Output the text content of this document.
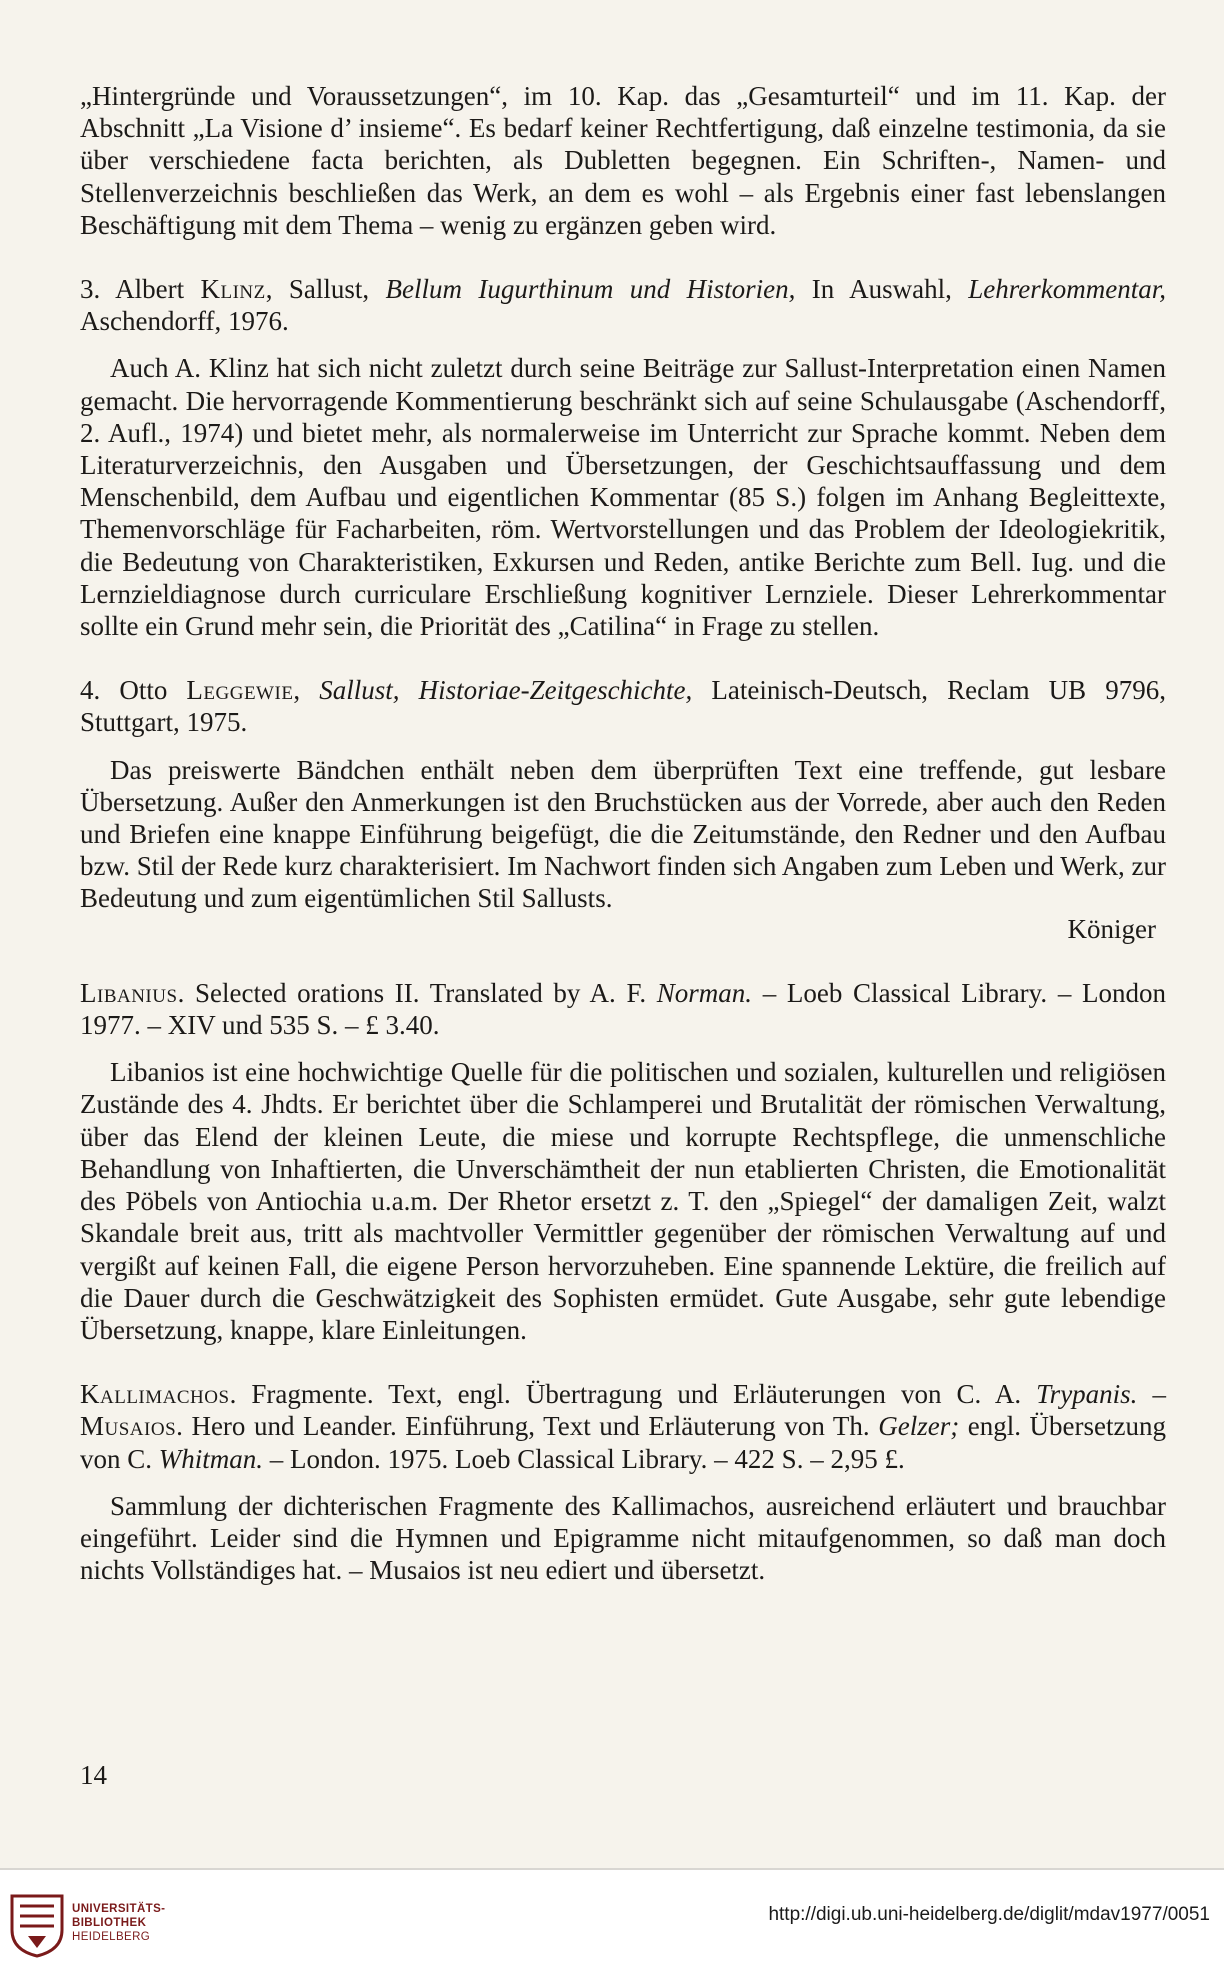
„Hintergründe und Voraussetzungen“, im 10. Kap. das „Gesamturteil“ und im 11. Kap. der Abschnitt „La Visione d’ insieme“. Es bedarf keiner Rechtfertigung, daß einzelne testimonia, da sie über verschiedene facta berichten, als Dubletten begegnen. Ein Schriften-, Namen- und Stellenverzeichnis beschließen das Werk, an dem es wohl – als Ergebnis einer fast lebenslangen Beschäftigung mit dem Thema – wenig zu ergänzen geben wird.

3. Albert Klinz, Sallust, Bellum Iugurthinum und Historien, In Auswahl, Lehrerkommentar, Aschendorff, 1976.

Auch A. Klinz hat sich nicht zuletzt durch seine Beiträge zur Sallust-Interpretation einen Namen gemacht. Die hervorragende Kommentierung beschränkt sich auf seine Schulausgabe (Aschendorff, 2. Aufl., 1974) und bietet mehr, als normalerweise im Unterricht zur Sprache kommt. Neben dem Literaturverzeichnis, den Ausgaben und Übersetzungen, der Geschichtsauffassung und dem Menschenbild, dem Aufbau und eigentlichen Kommentar (85 S.) folgen im Anhang Begleittexte, Themenvorschläge für Facharbeiten, röm. Wertvorstellungen und das Problem der Ideologiekritik, die Bedeutung von Charakteristiken, Exkursen und Reden, antike Berichte zum Bell. Iug. und die Lernzieldiagnose durch curriculare Erschließung kognitiver Lernziele. Dieser Lehrerkommentar sollte ein Grund mehr sein, die Priorität des „Catilina“ in Frage zu stellen.

4. Otto Leggewie, Sallust, Historiae-Zeitgeschichte, Lateinisch-Deutsch, Reclam UB 9796, Stuttgart, 1975.

Das preiswerte Bändchen enthält neben dem überprüften Text eine treffende, gut lesbare Übersetzung. Außer den Anmerkungen ist den Bruchstücken aus der Vorrede, aber auch den Reden und Briefen eine knappe Einführung beigefügt, die die Zeitumstände, den Redner und den Aufbau bzw. Stil der Rede kurz charakterisiert. Im Nachwort finden sich Angaben zum Leben und Werk, zur Bedeutung und zum eigentümlichen Stil Sallusts.

Königer

Libanius. Selected orations II. Translated by A. F. Norman. – Loeb Classical Library. – London 1977. – XIV und 535 S. – £ 3.40.

Libanios ist eine hochwichtige Quelle für die politischen und sozialen, kulturellen und religiösen Zustände des 4. Jhdts. Er berichtet über die Schlamperei und Brutalität der römischen Verwaltung, über das Elend der kleinen Leute, die miese und korrupte Rechtspflege, die unmenschliche Behandlung von Inhaftierten, die Unverschämtheit der nun etablierten Christen, die Emotionalität des Pöbels von Antiochia u.a.m. Der Rhetor ersetzt z. T. den „Spiegel“ der damaligen Zeit, walzt Skandale breit aus, tritt als machtvoller Vermittler gegenüber der römischen Verwaltung auf und vergißt auf keinen Fall, die eigene Person hervorzuheben. Eine spannende Lektüre, die freilich auf die Dauer durch die Geschwätzigkeit des Sophisten ermüdet. Gute Ausgabe, sehr gute lebendige Übersetzung, knappe, klare Einleitungen.

Kallimachos. Fragmente. Text, engl. Übertragung und Erläuterungen von C. A. Trypanis. – Musaios. Hero und Leander. Einführung, Text und Erläuterung von Th. Gelzer; engl. Übersetzung von C. Whitman. – London. 1975. Loeb Classical Library. – 422 S. – 2,95 £.

Sammlung der dichterischen Fragmente des Kallimachos, ausreichend erläutert und brauchbar eingeführt. Leider sind die Hymnen und Epigramme nicht mitaufgenommen, so daß man doch nichts Vollständiges hat. – Musaios ist neu ediert und übersetzt.

14
UNIVERSITÄTS-
BIBLIOTHEK
HEIDELBERG
http://digi.ub.uni-heidelberg.de/diglit/mdav1977/0051
